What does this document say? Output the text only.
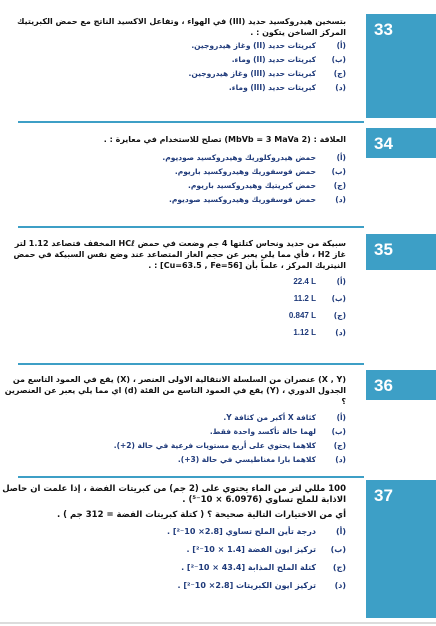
33

بتسخين هيدروكسيد حديد (III) في الهواء ، وتفاعل الاكسيد الناتج مع حمض الكبريتيك المركز الساخن يتكون : .

(أ)
كبريتات حديد (II) وغاز هيدروجين.
(ب)
كبريتات حديد (II) وماء.
(ج)
كبريتات حديد (III) وغاز هيدروجين.
(د)
كبريتات حديد (III) وماء.
34

العلاقة : (2 MbVb = 3 MaVa) تصلح للاستخدام في معايرة : .

(أ)
حمض هيدروكلوريك وهيدروكسيد صوديوم.
(ب)
حمض فوسفوريك وهيدروكسيد باريوم.
(ج)
حمض كبريتيك وهيدروكسيد باريوم.
(د)
حمض فوسفوريك وهيدروكسيد صوديوم.
35

سبيكة من حديد ونحاس كتلتها 4 جم وضعت في حمض HCℓ المخفف فتصاعد 1.12 لتر غاز H2 ، فأي مما يلي يعبر عن حجم الغاز المتصاعد عند وضع نفس السبيكة في حمض النيتريك المركز ، علماً بأن [Cu=63.5 , Fe=56] : .

(أ)
22.4 L
(ب)
11.2 L
(ج)
0.847 L
(د)
1.12 L
36

(X , Y) عنصران من السلسلة الانتقالية الاولى العنصر ، (X) يقع في العمود التاسع من الجدول الدوري ، (Y) يقع في العمود التاسع من الفئة (d) اي مما يلي يعبر عن العنصرين ؟

(أ)
كثافة X أكبر من كثافة Y.
(ب)
لهما حالة تأكسد واحدة فقط.
(ج)
كلاهما يحتوي على أربع مستويات فرعية في حالة (2+).
(د)
كلاهما بارا مغناطيسي في حالة (3+).
37

100 مللي لتر من الماء يحتوي على (2 جم) من كبريتات الفضة ، إذا علمت ان حاصل الاذابة للملح تساوي (6.0976 × 10⁻⁵) .

أي من الاختيارات التالية صحيحة ؟ ( كتلة كبريتات الفضة = 312 جم ) .

(أ)
درجة تأين الملح تساوي [2.8× 10⁻²] .
(ب)
تركيز ايون الفضة [1.4 × 10⁻²] .
(ج)
كتلة الملح المذابة [43.4 × 10⁻²] .
(د)
تركيز ايون الكبريتات [2.8× 10⁻²] .
